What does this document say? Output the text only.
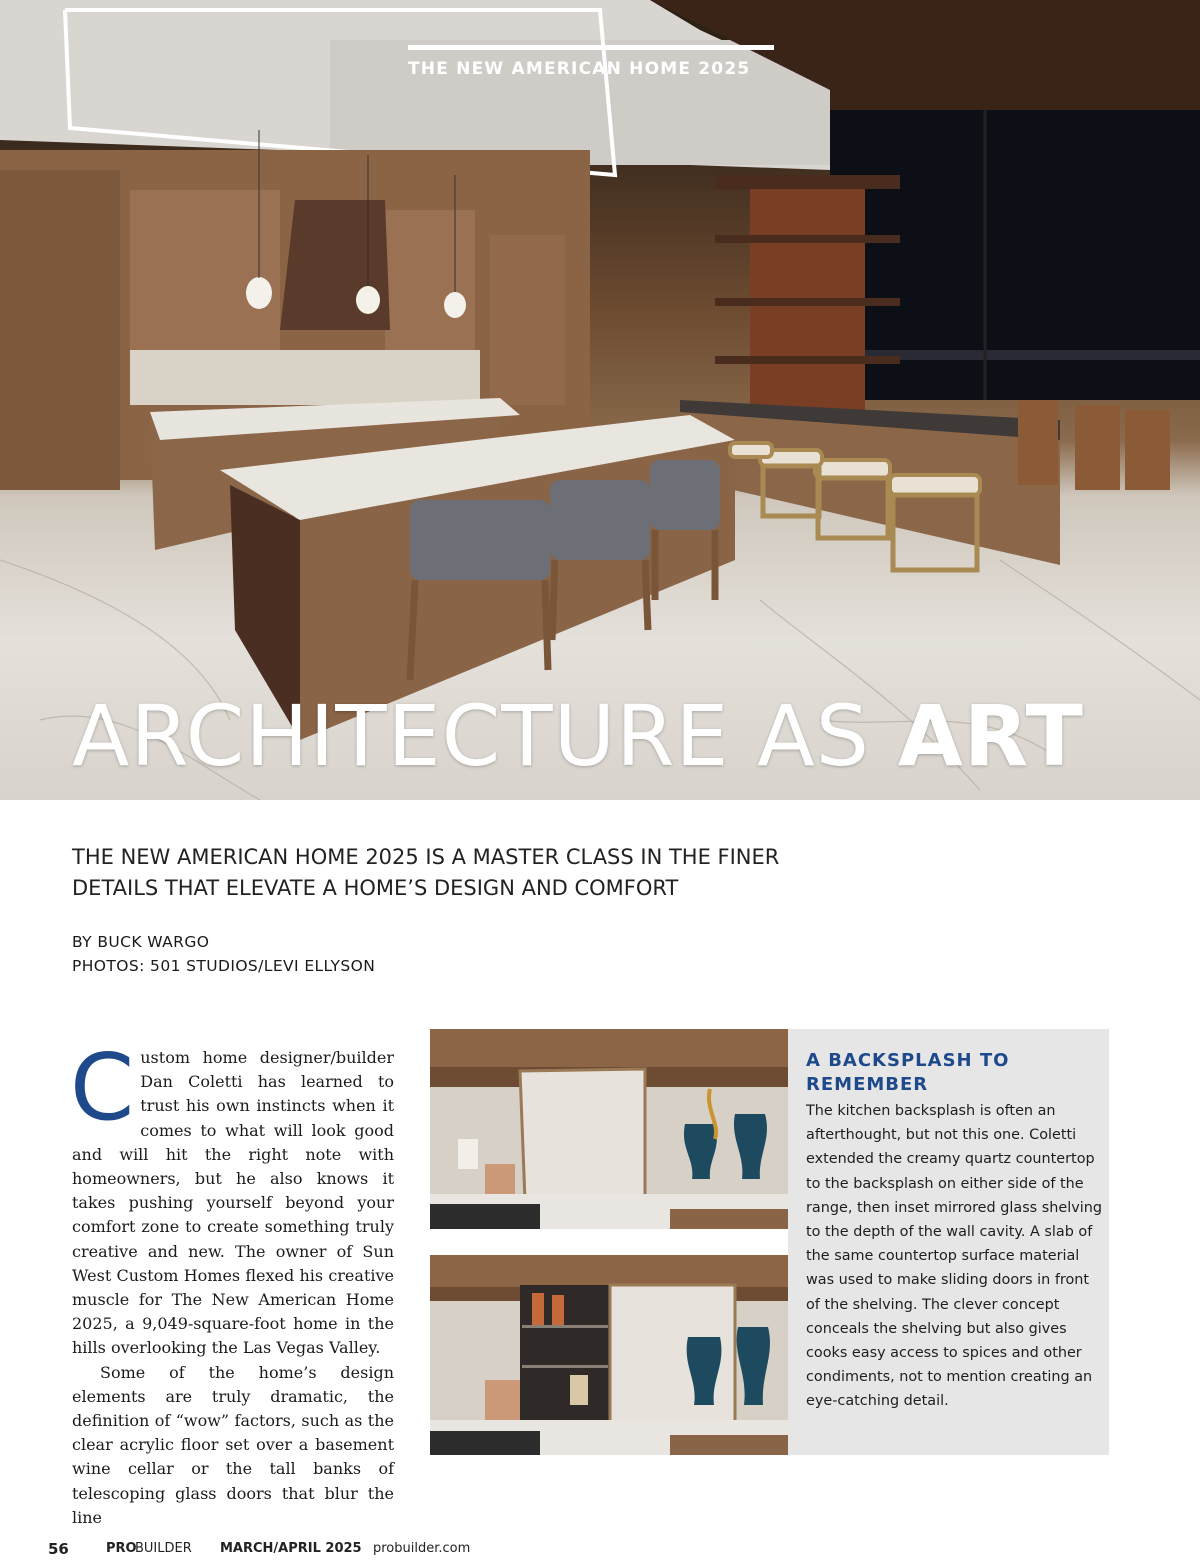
THE NEW AMERICAN HOME 2025
ARCHITECTURE AS ART
THE NEW AMERICAN HOME 2025 IS A MASTER CLASS IN THE FINER DETAILS THAT ELEVATE A HOME’S DESIGN AND COMFORT
BY BUCK WARGO
PHOTOS: 501 STUDIOS/LEVI ELLYSON

Custom home designer/builder Dan Coletti has learned to trust his own instincts when it comes to what will look good and will hit the right note with homeowners, but he also knows it takes pushing yourself beyond your comfort zone to create something truly creative and new. The owner of Sun West Custom Homes flexed his creative muscle for The New American Home 2025, a 9,049-square-foot home in the hills overlooking the Las Vegas Valley.

Some of the home’s design elements are truly dramatic, the definition of “wow” factors, such as the clear acrylic floor set over a basement wine cellar or the tall banks of telescoping glass doors that blur the line

A BACKSPLASH TO REMEMBER

The kitchen backsplash is often an afterthought, but not this one. Coletti extended the creamy quartz countertop to the backsplash on either side of the range, then inset mirrored glass shelving to the depth of the wall cavity. A slab of the same countertop surface material was used to make sliding doors in front of the shelving. The clever concept conceals the shelving but also gives cooks easy access to spices and other condiments, not to mention creating an eye-catching detail.

56	PRO
BUILDER MARCH/APRIL 2025 probuilder.com
